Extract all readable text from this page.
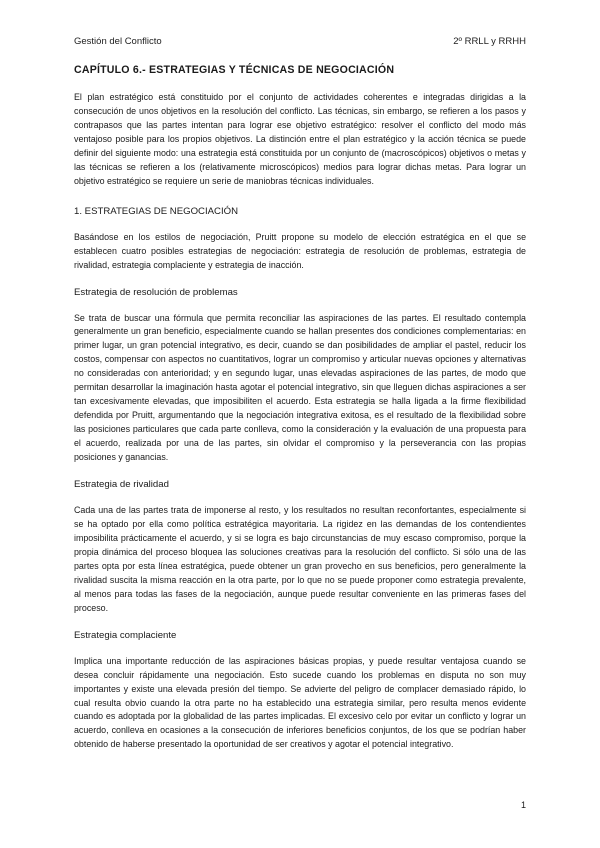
Gestión del Conflicto	2º RRLL y RRHH
CAPÍTULO 6.- ESTRATEGIAS Y TÉCNICAS DE NEGOCIACIÓN

El plan estratégico está constituido por el conjunto de actividades coherentes e integradas dirigidas a la consecución de unos objetivos en la resolución del conflicto. Las técnicas, sin embargo, se refieren a los pasos y contrapasos que las partes intentan para lograr ese objetivo estratégico: resolver el conflicto del modo más ventajoso posible para los propios objetivos. La distinción entre el plan estratégico y la acción técnica se puede definir del siguiente modo: una estrategia está constituida por un conjunto de (macroscópicos) objetivos o metas y las técnicas se refieren a los (relativamente microscópicos) medios para lograr dichas metas. Para lograr un objetivo estratégico se requiere un serie de maniobras técnicas individuales.

1. ESTRATEGIAS DE NEGOCIACIÓN

Basándose en los estilos de negociación, Pruitt propone su modelo de elección estratégica en el que se establecen cuatro posibles estrategias de negociación: estrategia de resolución de problemas, estrategia de rivalidad, estrategia complaciente y estrategia de inacción.

Estrategia de resolución de problemas

Se trata de buscar una fórmula que permita reconciliar las aspiraciones de las partes. El resultado contempla generalmente un gran beneficio, especialmente cuando se hallan presentes dos condiciones complementarias: en primer lugar, un gran potencial integrativo, es decir, cuando se dan posibilidades de ampliar el pastel, reducir los costos, compensar con aspectos no cuantitativos, lograr un compromiso y articular nuevas opciones y alternativas no consideradas con anterioridad; y en segundo lugar, unas elevadas aspiraciones de las partes, de modo que permitan desarrollar la imaginación hasta agotar el potencial integrativo, sin que lleguen dichas aspiraciones a ser tan excesivamente elevadas, que imposibiliten el acuerdo. Esta estrategia se halla ligada a la firme flexibilidad defendida por Pruitt, argumentando que la negociación integrativa exitosa, es el resultado de la flexibilidad sobre las posiciones particulares que cada parte conlleva, como la consideración y la evaluación de una propuesta para el acuerdo, realizada por una de las partes, sin olvidar el compromiso y la perseverancia con las propias posiciones y ganancias.

Estrategia de rivalidad

Cada una de las partes trata de imponerse al resto, y los resultados no resultan reconfortantes, especialmente si se ha optado por ella como política estratégica mayoritaria. La rigidez en las demandas de los contendientes imposibilita prácticamente el acuerdo, y si se logra es bajo circunstancias de muy escaso compromiso, porque la propia dinámica del proceso bloquea las soluciones creativas para la resolución del conflicto. Si sólo una de las partes opta por esta línea estratégica, puede obtener un gran provecho en sus beneficios, pero generalmente la rivalidad suscita la misma reacción en la otra parte, por lo que no se puede proponer como estrategia prevalente, al menos para todas las fases de la negociación, aunque puede resultar conveniente en las primeras fases del proceso.

Estrategia complaciente

Implica una importante reducción de las aspiraciones básicas propias, y puede resultar ventajosa cuando se desea concluir rápidamente una negociación. Esto sucede cuando los problemas en disputa no son muy importantes y existe una elevada presión del tiempo. Se advierte del peligro de complacer demasiado rápido, lo cual resulta obvio cuando la otra parte no ha establecido una estrategia similar, pero resulta menos evidente cuando es adoptada por la globalidad de las partes implicadas. El excesivo celo por evitar un conflicto y lograr un acuerdo, conlleva en ocasiones a la consecución de inferiores beneficios conjuntos, de los que se podrían haber obtenido de haberse presentado la oportunidad de ser creativos y agotar el potencial integrativo.

1
